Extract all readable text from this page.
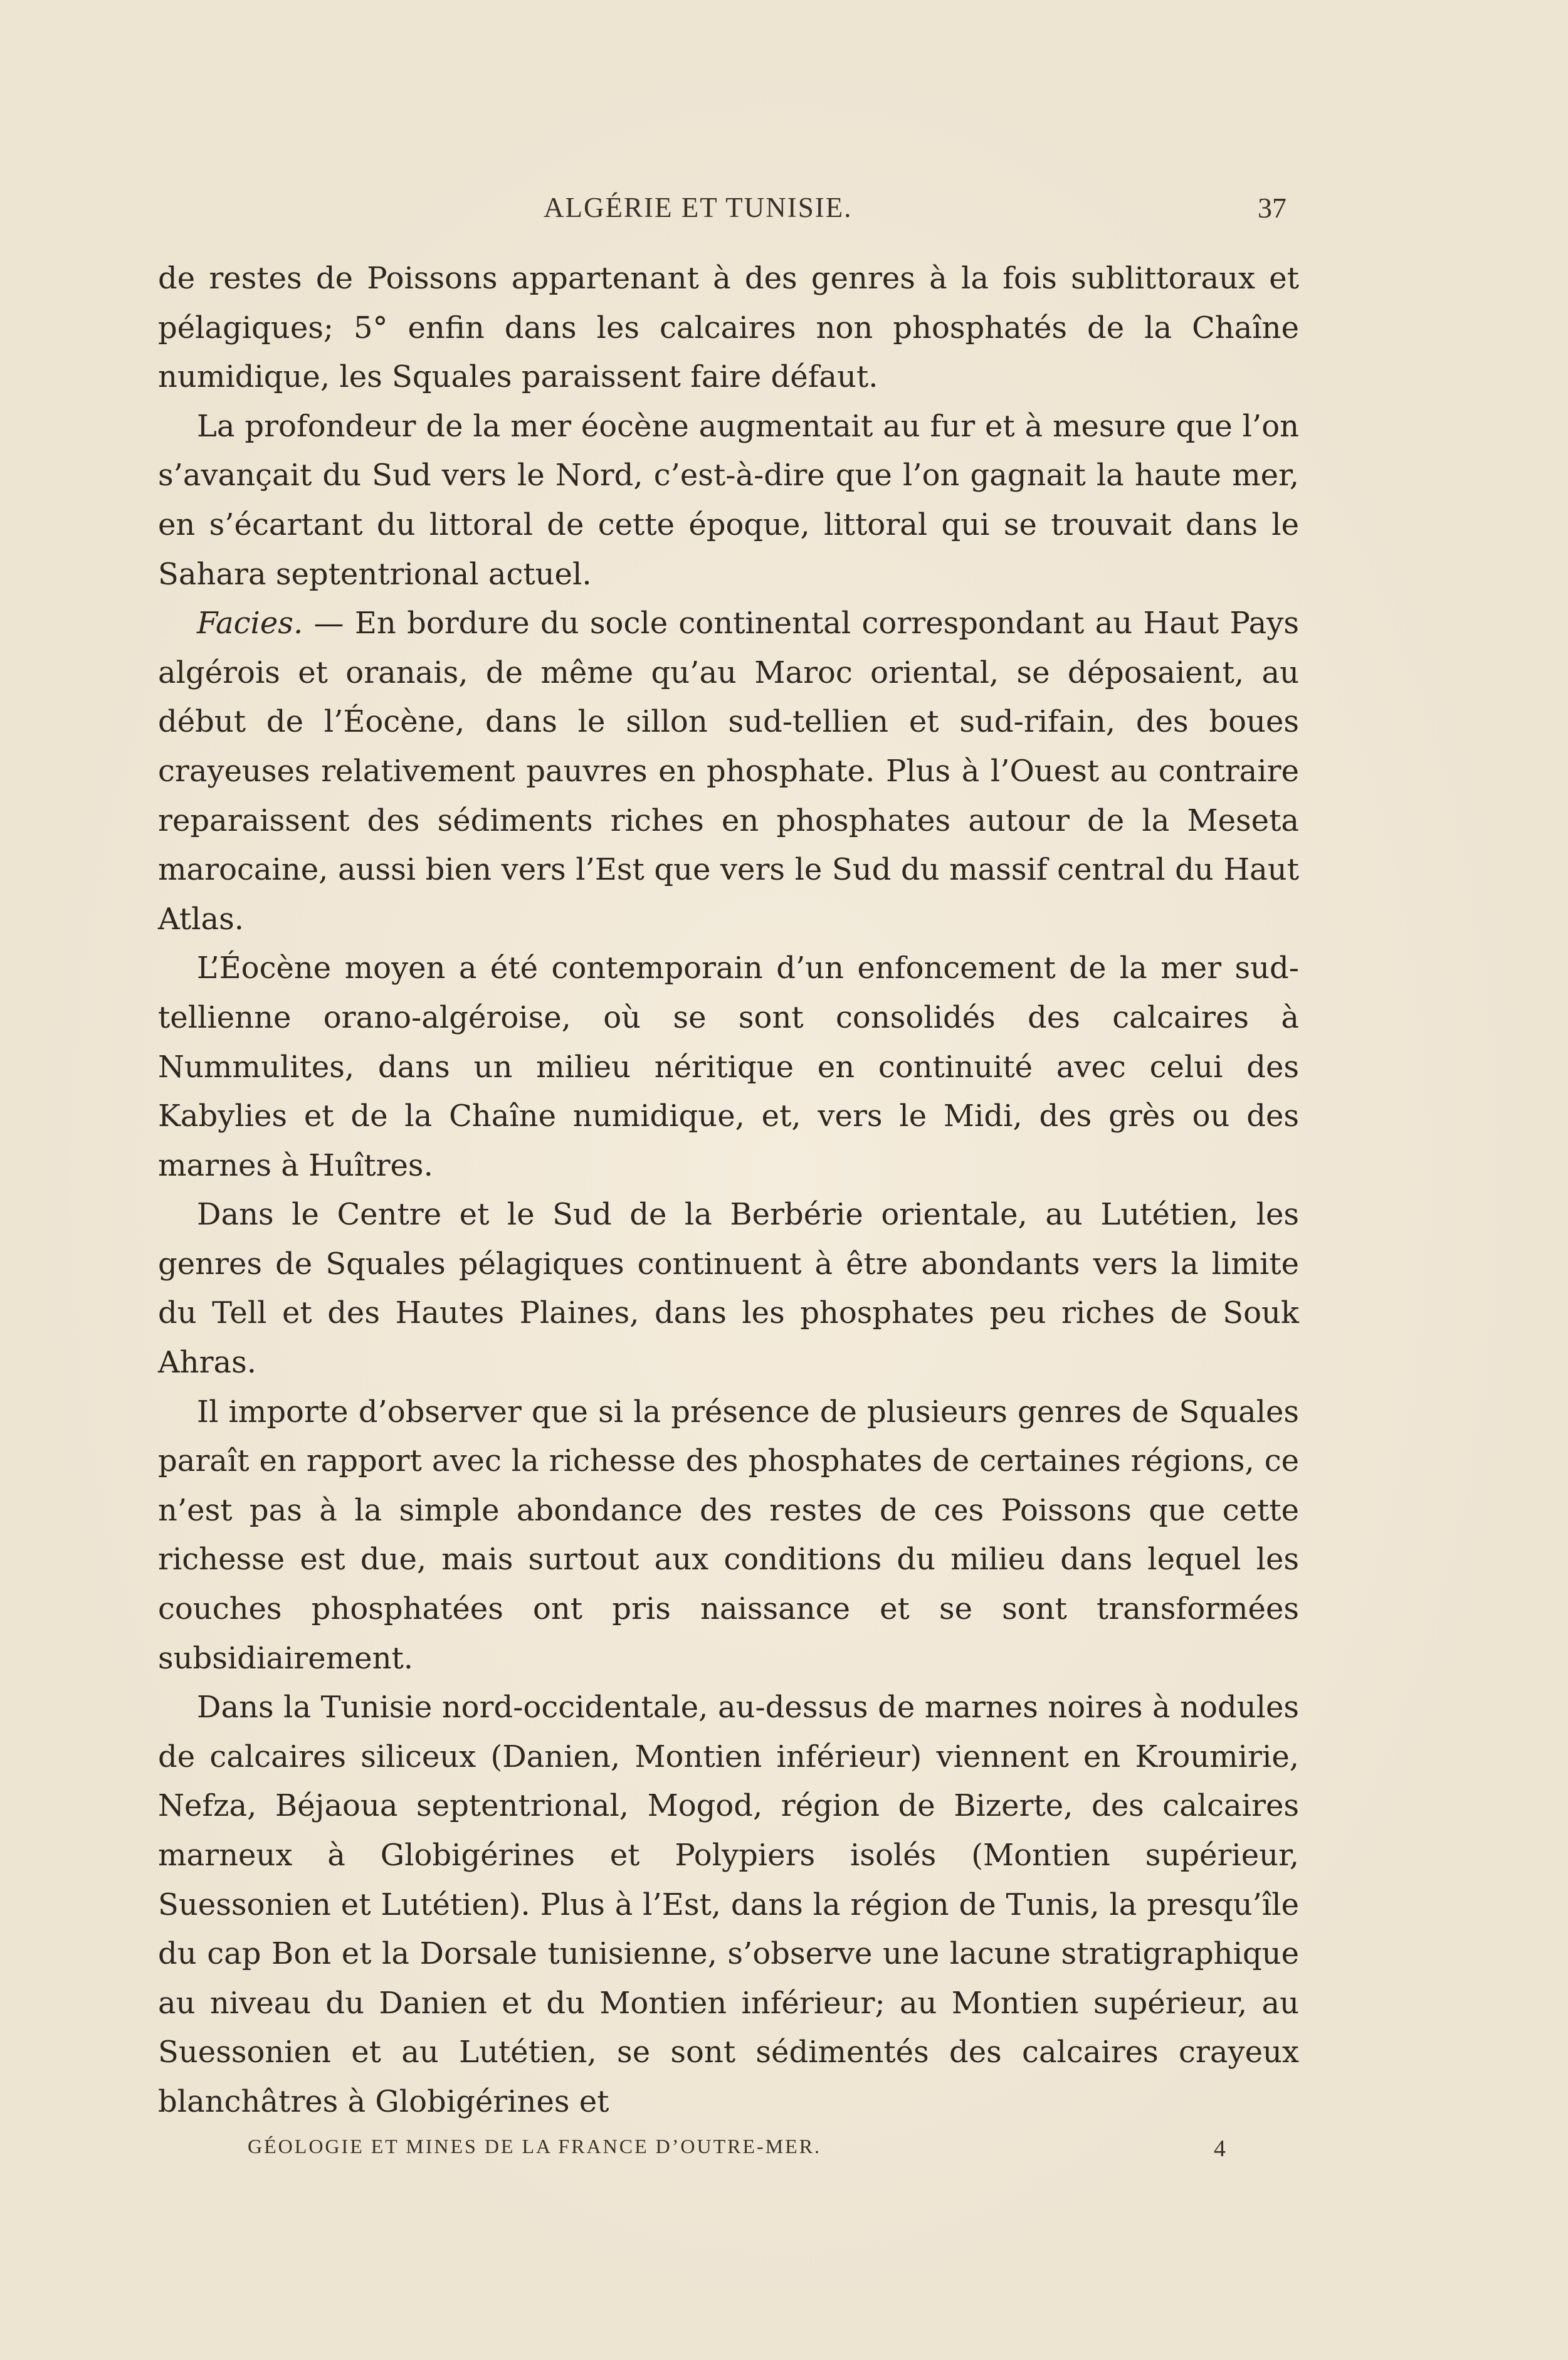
ALGÉRIE ET TUNISIE.	37

de restes de Poissons appartenant à des genres à la fois sublittoraux et pélagiques; 5° enfin dans les calcaires non phosphatés de la Chaîne numidique, les Squales paraissent faire défaut.

La profondeur de la mer éocène augmentait au fur et à mesure que l’on s’avançait du Sud vers le Nord, c’est-à-dire que l’on gagnait la haute mer, en s’écartant du littoral de cette époque, littoral qui se trouvait dans le Sahara septentrional actuel.

Facies. — En bordure du socle continental correspondant au Haut Pays algérois et oranais, de même qu’au Maroc oriental, se déposaient, au début de l’Éocène, dans le sillon sud-tellien et sud-rifain, des boues crayeuses relativement pauvres en phosphate. Plus à l’Ouest au contraire reparaissent des sédiments riches en phosphates autour de la Meseta marocaine, aussi bien vers l’Est que vers le Sud du massif central du Haut Atlas.

L’Éocène moyen a été contemporain d’un enfoncement de la mer sud-tellienne orano-algéroise, où se sont consolidés des calcaires à Nummulites, dans un milieu néritique en continuité avec celui des Kabylies et de la Chaîne numidique, et, vers le Midi, des grès ou des marnes à Huîtres.

Dans le Centre et le Sud de la Berbérie orientale, au Lutétien, les genres de Squales pélagiques continuent à être abondants vers la limite du Tell et des Hautes Plaines, dans les phosphates peu riches de Souk Ahras.

Il importe d’observer que si la présence de plusieurs genres de Squales paraît en rapport avec la richesse des phosphates de certaines régions, ce n’est pas à la simple abondance des restes de ces Poissons que cette richesse est due, mais surtout aux conditions du milieu dans lequel les couches phosphatées ont pris naissance et se sont transformées subsidiairement.

Dans la Tunisie nord-occidentale, au-dessus de marnes noires à nodules de calcaires siliceux (Danien, Montien inférieur) viennent en Kroumirie, Nefza, Béjaoua septentrional, Mogod, région de Bizerte, des calcaires marneux à Globigérines et Polypiers isolés (Montien supérieur, Suessonien et Lutétien). Plus à l’Est, dans la région de Tunis, la presqu’île du cap Bon et la Dorsale tunisienne, s’observe une lacune stratigraphique au niveau du Danien et du Montien inférieur; au Montien supérieur, au Suessonien et au Lutétien, se sont sédimentés des calcaires crayeux blanchâtres à Globigérines et

GÉOLOGIE ET MINES DE LA FRANCE D’OUTRE-MER.	4
